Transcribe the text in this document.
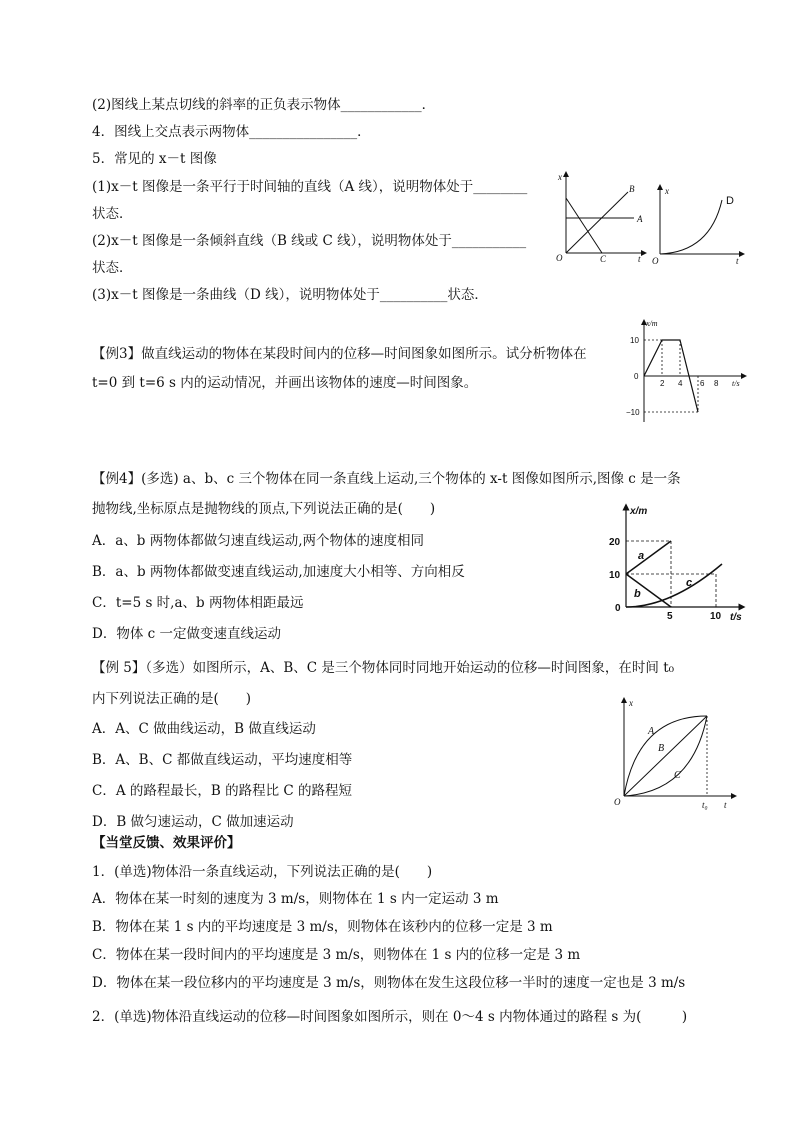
(2)图线上某点切线的斜率的正负表示物体____________．
4．图线上交点表示两物体________________．
5．常见的 x－t 图像
(1)x－t 图像是一条平行于时间轴的直线（A 线），说明物体处于________
状态．
(2)x－t 图像是一条倾斜直线（B 线或 C 线），说明物体处于___________
状态．
(3)x－t 图像是一条曲线（D 线），说明物体处于__________状态．
【例3】做直线运动的物体在某段时间内的位移—时间图象如图所示。试分析物体在
t=0 到 t=6 s 内的运动情况，并画出该物体的速度—时间图象。
【例4】(多选) a、b、c 三个物体在同一条直线上运动,三个物体的 x-t 图像如图所示,图像 c 是一条
抛物线,坐标原点是抛物线的顶点,下列说法正确的是(　　)
A．a、b 两物体都做匀速直线运动,两个物体的速度相同
B．a、b 两物体都做变速直线运动,加速度大小相等、方向相反
C．t=5 s 时,a、b 两物体相距最远
D．物体 c 一定做变速直线运动
【例 5】（多选）如图所示，A、B、C 是三个物体同时同地开始运动的位移—时间图象，在时间 t₀
内下列说法正确的是(　　)
A．A、C 做曲线运动，B 做直线运动
B．A、B、C 都做直线运动，平均速度相等
C．A 的路程最长，B 的路程比 C 的路程短
D．B 做匀速运动，C 做加速运动
【当堂反馈、效果评价】
1．(单选)物体沿一条直线运动，下列说法正确的是(　　)
A．物体在某一时刻的速度为 3 m/s，则物体在 1 s 内一定运动 3 m
B．物体在某 1 s 内的平均速度是 3 m/s，则物体在该秒内的位移一定是 3 m
C．物体在某一段时间内的平均速度是 3 m/s，则物体在 1 s 内的位移一定是 3 m
D．物体在某一段位移内的平均速度是 3 m/s，则物体在发生这段位移一半时的速度一定也是 3 m/s
2．(单选)物体沿直线运动的位移—时间图象如图所示，则在 0～4 s 内物体通过的路程 s 为(　　　)
x
t
O
A
B
C
x
t
O
D
x/m
t/s
10
0
−10
2 4 6 8
x/m
t/s
20
10
0
5	10
a
b
c
x
t
t₀
O
A
B
C
